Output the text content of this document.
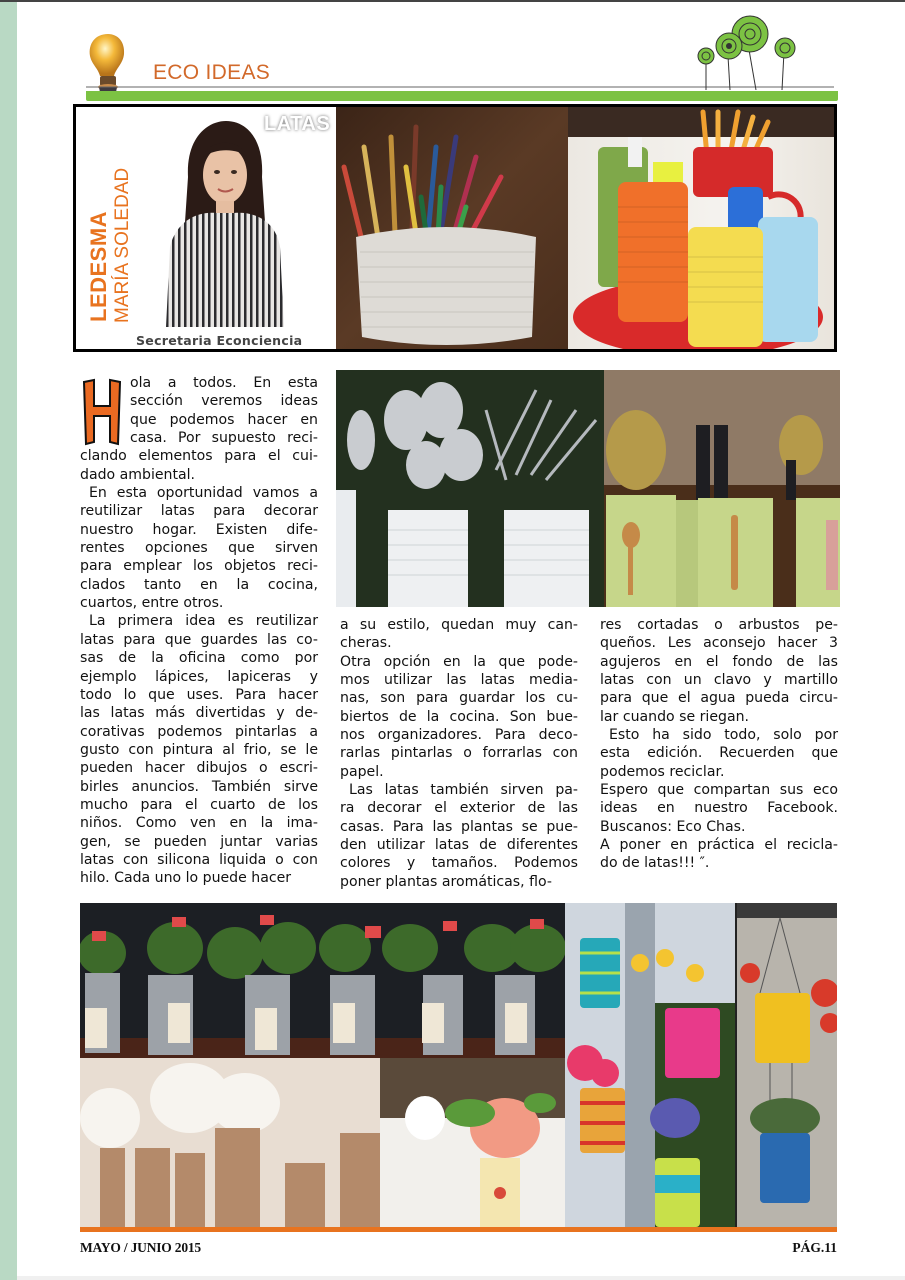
ECO IDEAS
LEDESMA MARÍA SOLEDAD
Secretaria Econciencia
LATAS
H	ola a todos. En esta
sección veremos ideas
que podemos hacer en
casa. Por supuesto reci-
clando elementos para el cui-
dado ambiental.
En esta oportunidad vamos a
reutilizar latas para decorar
nuestro hogar. Existen dife-
rentes opciones que sirven
para emplear los objetos reci-
clados tanto en la cocina,
cuartos, entre otros.
La primera idea es reutilizar
latas para que guardes las co-
sas de la oficina como por
ejemplo lápices, lapiceras y
todo lo que uses. Para hacer
las latas más divertidas y de-
corativas podemos pintarlas a
gusto con pintura al frio, se le
pueden hacer dibujos o escri-
birles anuncios. También sirve
mucho para el cuarto de los
niños. Como ven en la ima-
gen, se pueden juntar varias
latas con silicona liquida o con
hilo. Cada uno lo puede hacer
a su estilo, quedan muy can-
cheras.
Otra opción en la que pode-
mos utilizar las latas media-
nas, son para guardar los cu-
biertos de la cocina. Son bue-
nos organizadores. Para deco-
rarlas pintarlas o forrarlas con
papel.
Las latas también sirven pa-
ra decorar el exterior de las
casas. Para las plantas se pue-
den utilizar latas de diferentes
colores y tamaños. Podemos
poner plantas aromáticas, flo-
res cortadas o arbustos pe-
queños. Les aconsejo hacer 3
agujeros en el fondo de las
latas con un clavo y martillo
para que el agua pueda circu-
lar cuando se riegan.
Esto ha sido todo, solo por
esta edición. Recuerden que
podemos reciclar.
Espero que compartan sus eco
ideas en nuestro Facebook.
Buscanos: Eco Chas.
A poner en práctica el recicla-
do de latas!!! ″.
MAYO / JUNIO 2015	PÁG.11
